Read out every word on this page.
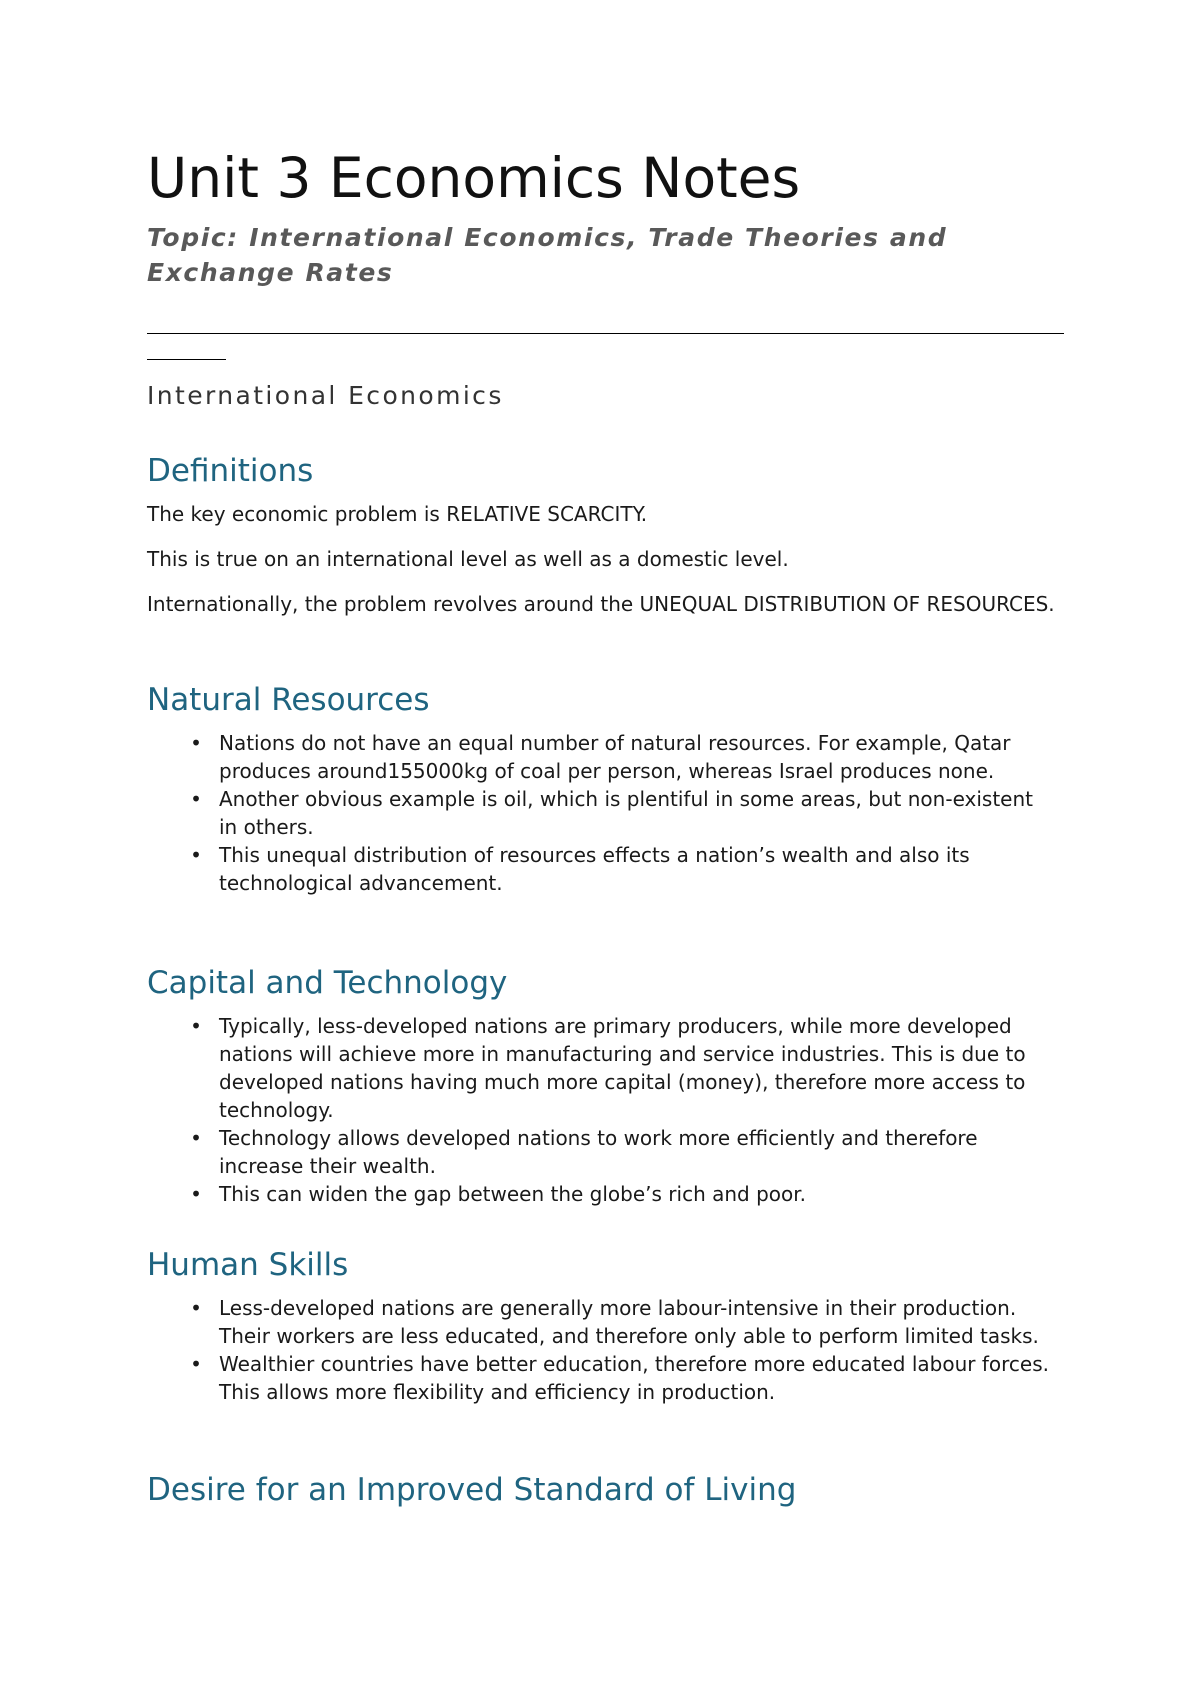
Unit 3 Economics Notes

Topic: International Economics, Trade Theories and Exchange Rates

International Economics
Definitions

The key economic problem is RELATIVE SCARCITY.

This is true on an international level as well as a domestic level.

Internationally, the problem revolves around the UNEQUAL DISTRIBUTION OF RESOURCES.

Natural Resources
• Nations do not have an equal number of natural resources. For example, Qatar produces around155000kg of coal per person, whereas Israel produces none.
• Another obvious example is oil, which is plentiful in some areas, but non-existent in others.
• This unequal distribution of resources effects a nation’s wealth and also its technological advancement.
Capital and Technology
• Typically, less-developed nations are primary producers, while more developed nations will achieve more in manufacturing and service industries. This is due to developed nations having much more capital (money), therefore more access to technology.
• Technology allows developed nations to work more efficiently and therefore increase their wealth.
• This can widen the gap between the globe’s rich and poor.
Human Skills
• Less-developed nations are generally more labour-intensive in their production. Their workers are less educated, and therefore only able to perform limited tasks.
• Wealthier countries have better education, therefore more educated labour forces. This allows more flexibility and efficiency in production.
Desire for an Improved Standard of Living
